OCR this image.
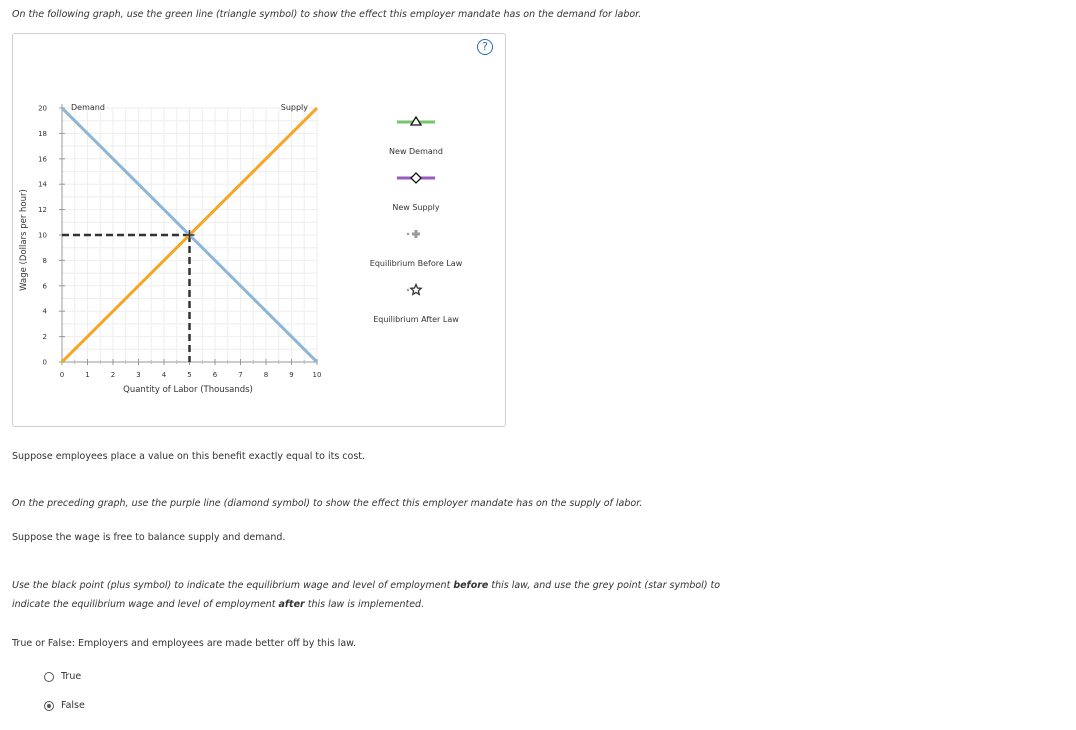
On the following graph, use the green line (triangle symbol) to show the effect this employer mandate has on the demand for labor.
?
0	1	2	3	4	5	6	7	8	9	10
0
2
4
6
8
10
12
14
16
18
20	Demand	Supply
Quantity of Labor (Thousands)
Wage (Dollars per hour)
New Demand
New Supply
Equilibrium Before Law
Equilibrium After Law
Suppose employees place a value on this benefit exactly equal to its cost.
On the preceding graph, use the purple line (diamond symbol) to show the effect this employer mandate has on the supply of labor.
Suppose the wage is free to balance supply and demand.
Use the black point (plus symbol) to indicate the equilibrium wage and level of employment before this law, and use the grey point (star symbol) to
indicate the equilibrium wage and level of employment after this law is implemented.
True or False: Employers and employees are made better off by this law.
True
False
